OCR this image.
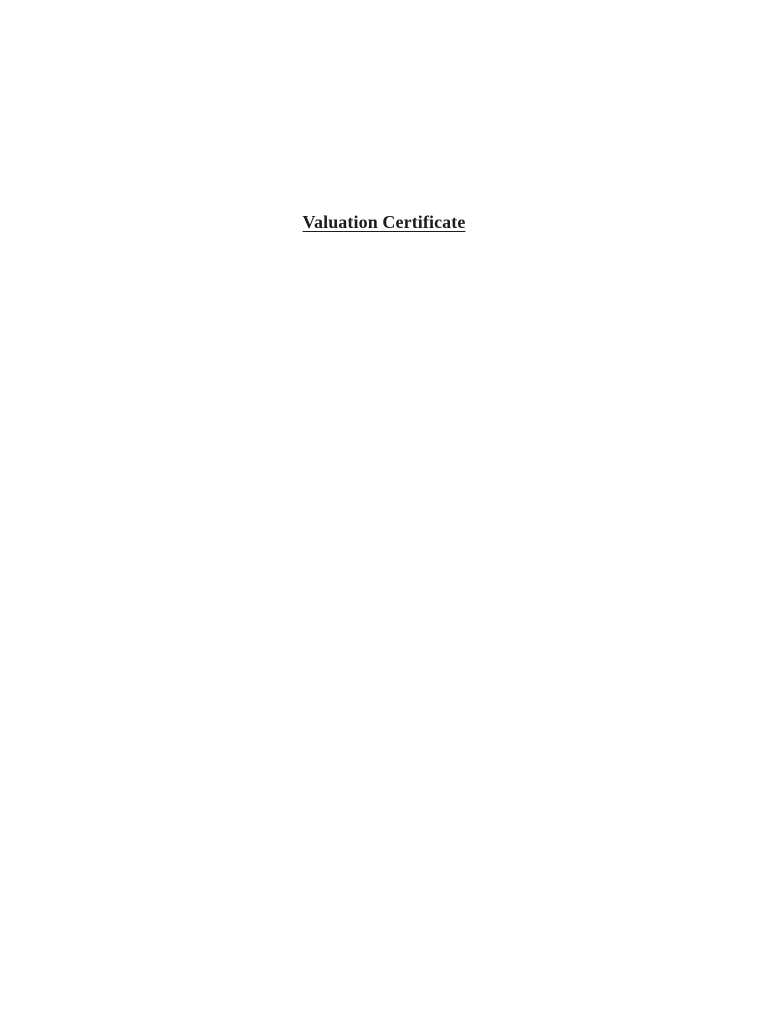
Valuation Certificate
